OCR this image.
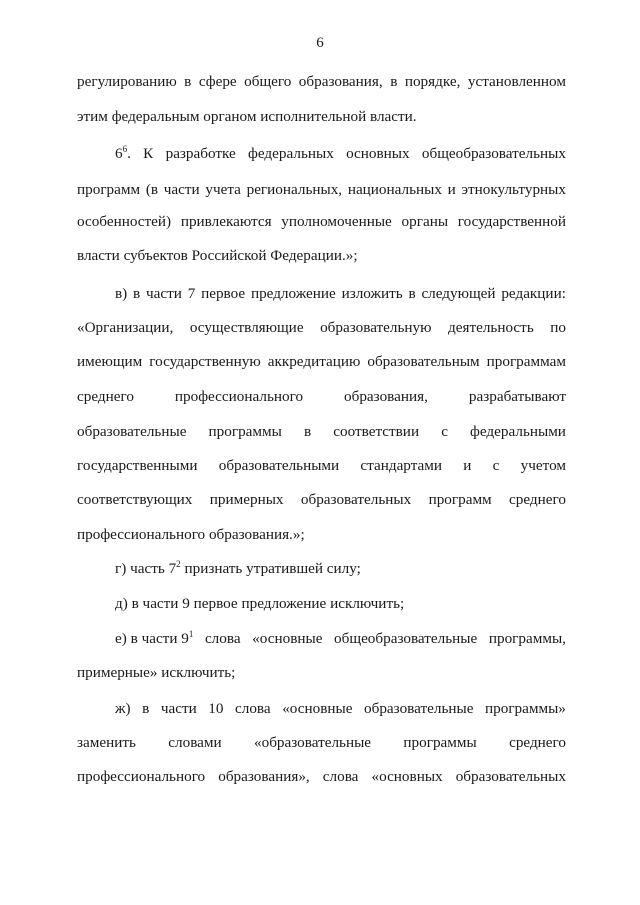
6
регулированию в сфере общего образования, в порядке, установленном
этим федеральным органом исполнительной власти.
$6^6$. К разработке федеральных основных общеобразовательных
программ (в части учета региональных, национальных и этнокультурных
особенностей) привлекаются уполномоченные органы государственной
власти субъектов Российской Федерации.»;
в) в части 7 первое предложение изложить в следующей редакции:
«Организации, осуществляющие образовательную деятельность по
имеющим государственную аккредитацию образовательным программам
среднего	профессионального	образования,	разрабатывают
образовательные программы в соответствии с федеральными
государственными образовательными стандартами и с учетом
соответствующих примерных образовательных программ среднего
профессионального образования.»;
г) часть $7^2$ признать утратившей силу;
д) в части 9 первое предложение исключить;
е) в части $9^1$ слова «основные общеобразовательные программы,
примерные» исключить;
ж) в части 10 слова «основные образовательные программы»
заменить словами «образовательные программы среднего
профессионального образования», слова «основных образовательных
